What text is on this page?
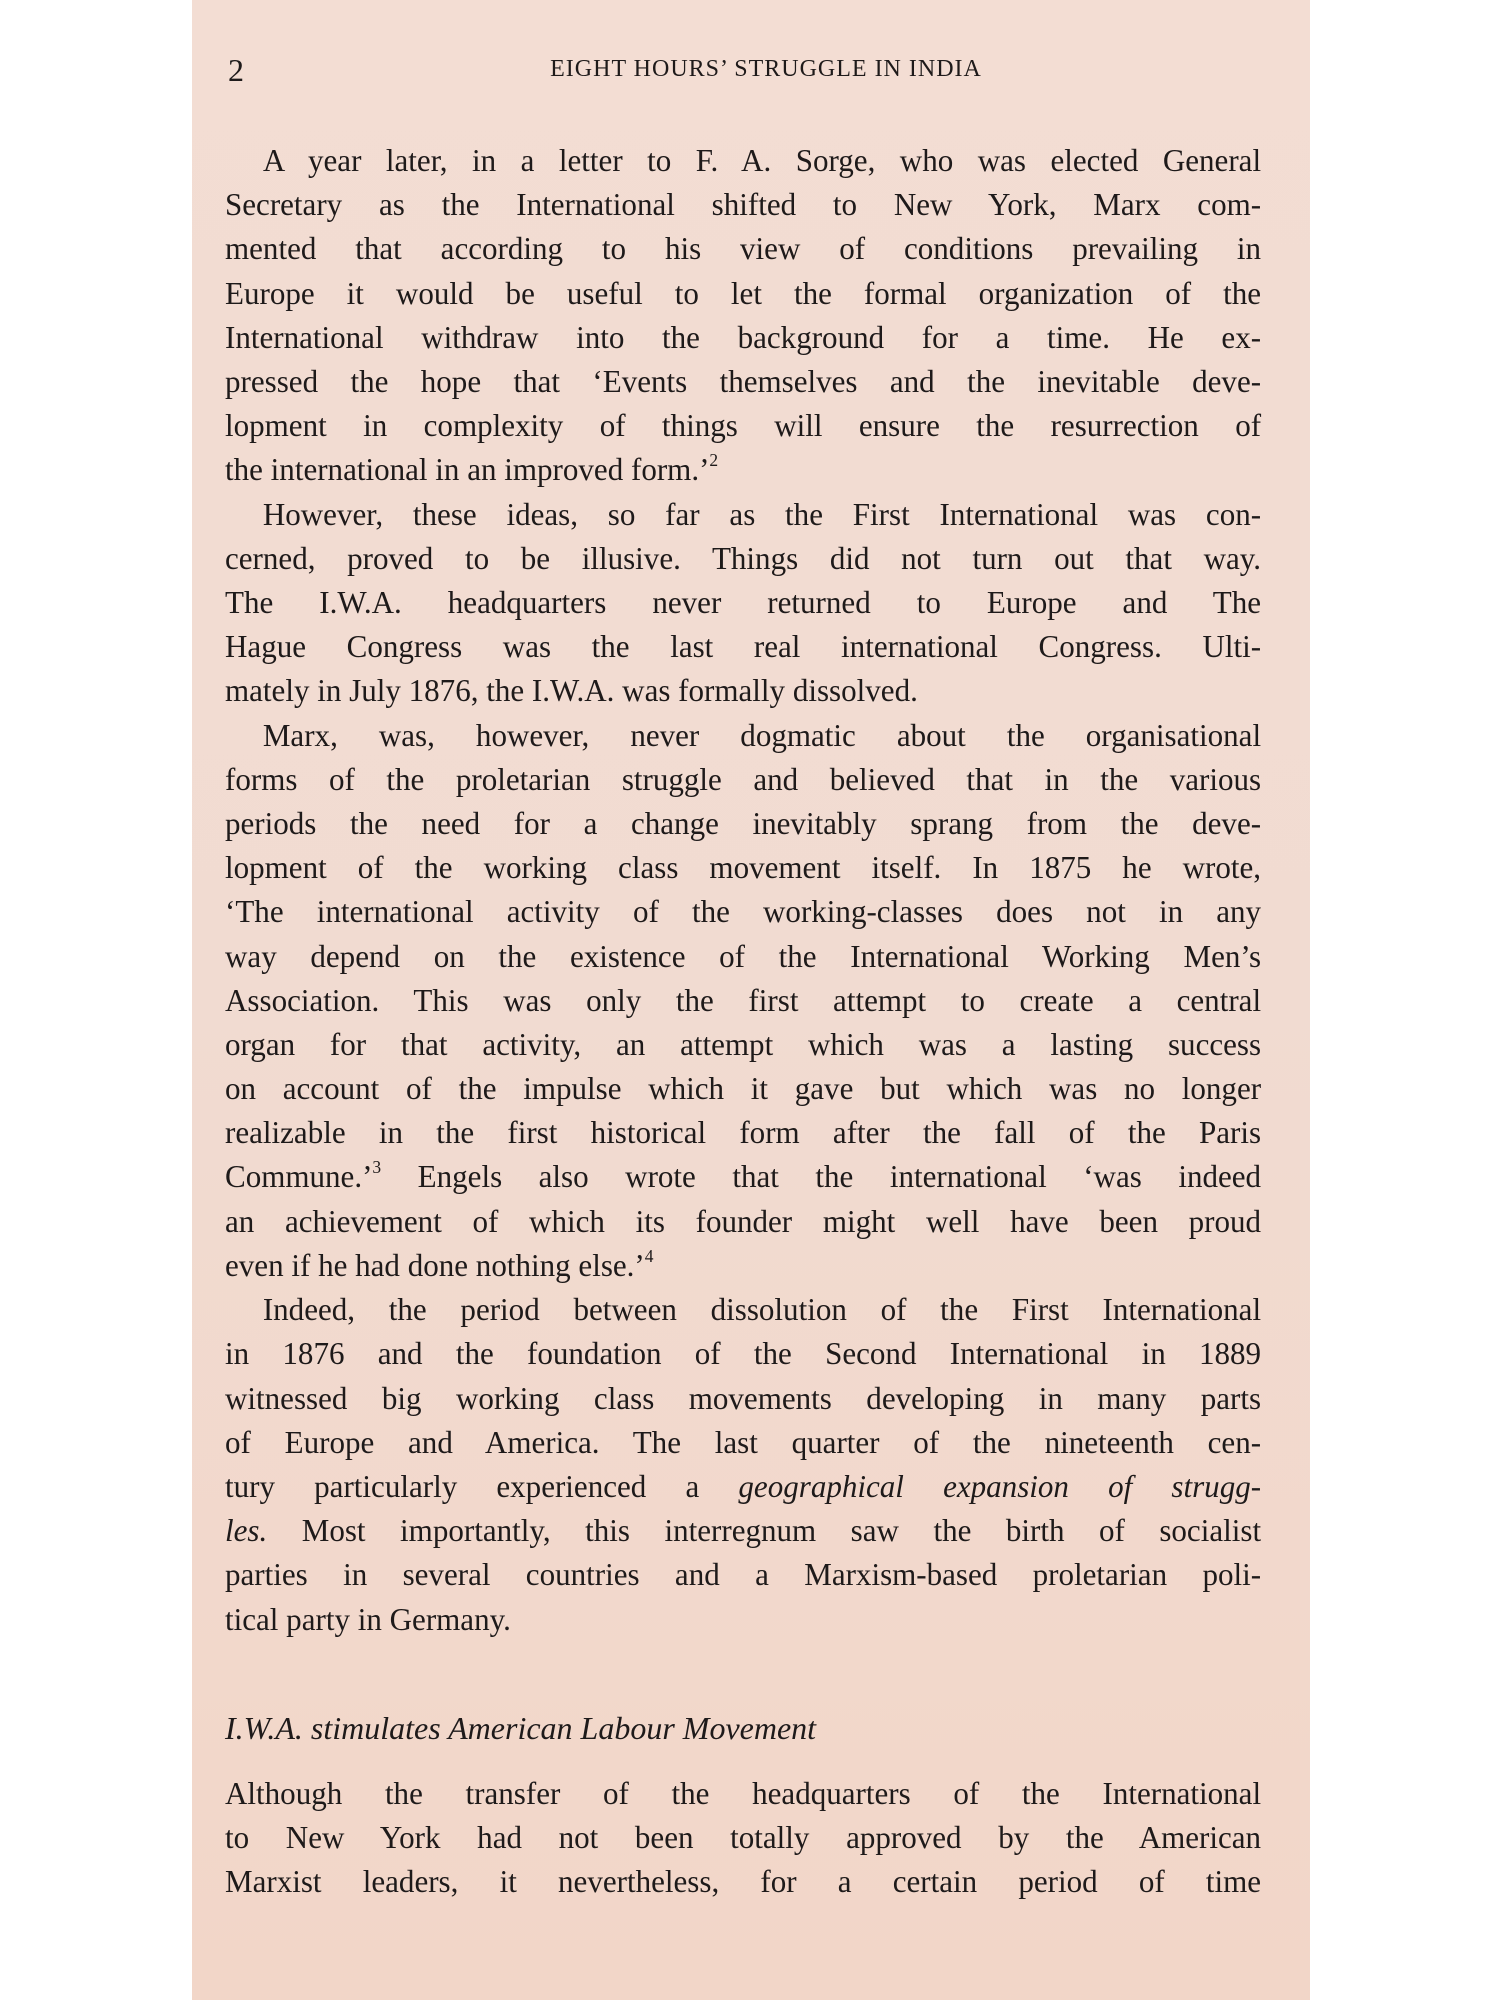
2	EIGHT HOURS’ STRUGGLE IN INDIA
A year later, in a letter to F. A. Sorge, who was elected General
Secretary as the International shifted to New York, Marx com-
mented that according to his view of conditions prevailing in
Europe it would be useful to let the formal organization of the
International withdraw into the background for a time. He ex-
pressed the hope that ‘Events themselves and the inevitable deve-
lopment in complexity of things will ensure the resurrection of
the international in an improved form.’$^2$
However, these ideas, so far as the First International was con-
cerned, proved to be illusive. Things did not turn out that way.
The I.W.A. headquarters never returned to Europe and The
Hague Congress was the last real international Congress. Ulti-
mately in July 1876, the I.W.A. was formally dissolved.
Marx, was, however, never dogmatic about the organisational
forms of the proletarian struggle and believed that in the various
periods the need for a change inevitably sprang from the deve-
lopment of the working class movement itself. In 1875 he wrote,
‘The international activity of the working-classes does not in any
way depend on the existence of the International Working Men’s
Association. This was only the first attempt to create a central
organ for that activity, an attempt which was a lasting success
on account of the impulse which it gave but which was no longer
realizable in the first historical form after the fall of the Paris
Commune.’$^3$ Engels also wrote that the international ‘was indeed
an achievement of which its founder might well have been proud
even if he had done nothing else.’$^4$
Indeed, the period between dissolution of the First International
in 1876 and the foundation of the Second International in 1889
witnessed big working class movements developing in many parts
of Europe and America. The last quarter of the nineteenth cen-
tury particularly experienced a geographical expansion of strugg-
les. Most importantly, this interregnum saw the birth of socialist
parties in several countries and a Marxism-based proletarian poli-
tical party in Germany.
I.W.A. stimulates American Labour Movement
Although the transfer of the headquarters of the International
to New York had not been totally approved by the American
Marxist leaders, it nevertheless, for a certain period of time
